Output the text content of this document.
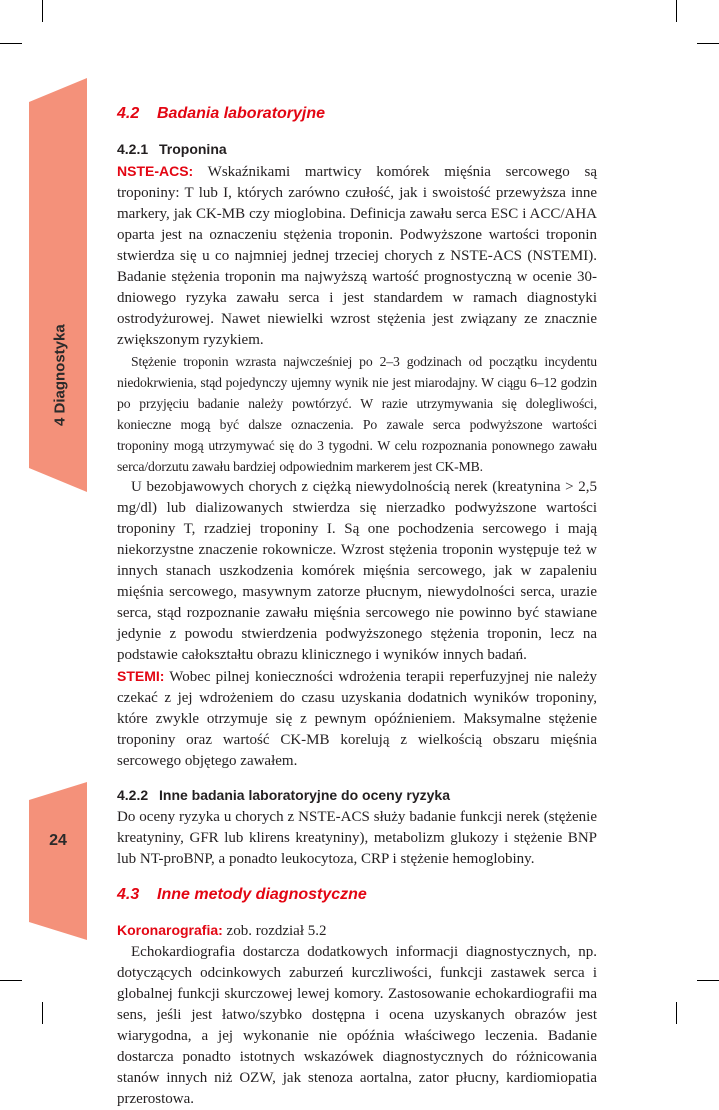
4 Diagnostyka
24
4.2 Badania laboratoryjne
4.2.1 Troponina

NSTE-ACS: Wskaźnikami martwicy komórek mięśnia sercowego są troponiny: T lub I, których zarówno czułość, jak i swoistość przewyższa inne markery, jak CK-MB czy mioglobina. Definicja zawału serca ESC i ACC/AHA oparta jest na oznaczeniu stężenia troponin. Podwyższone wartości troponin stwierdza się u co najmniej jednej trzeciej chorych z NSTE-ACS (NSTEMI). Badanie stężenia troponin ma najwyższą wartość prognostyczną w ocenie 30-dniowego ryzyka zawału serca i jest standardem w ramach diagnostyki ostrodyżurowej. Nawet niewielki wzrost stężenia jest związany ze znacznie zwiększonym ryzykiem.

Stężenie troponin wzrasta najwcześniej po 2–3 godzinach od początku incydentu niedokrwienia, stąd pojedynczy ujemny wynik nie jest miarodajny. W ciągu 6–12 godzin po przyjęciu badanie należy powtórzyć. W razie utrzymywania się dolegliwości, konieczne mogą być dalsze oznaczenia. Po zawale serca podwyższone wartości troponiny mogą utrzymywać się do 3 tygodni. W celu rozpoznania ponownego zawału serca/dorzutu zawału bardziej odpowiednim markerem jest CK-MB.

U bezobjawowych chorych z ciężką niewydolnością nerek (kreatynina > 2,5 mg/dl) lub dializowanych stwierdza się nierzadko podwyższone wartości troponiny T, rzadziej troponiny I. Są one pochodzenia sercowego i mają niekorzystne znaczenie rokownicze. Wzrost stężenia troponin występuje też w innych stanach uszkodzenia komórek mięśnia sercowego, jak w zapaleniu mięśnia sercowego, masywnym zatorze płucnym, niewydolności serca, urazie serca, stąd rozpoznanie zawału mięśnia sercowego nie powinno być stawiane jedynie z powodu stwierdzenia podwyższonego stężenia troponin, lecz na podstawie całokształtu obrazu klinicznego i wyników innych badań.

STEMI: Wobec pilnej konieczności wdrożenia terapii reperfuzyjnej nie należy czekać z jej wdrożeniem do czasu uzyskania dodatnich wyników troponiny, które zwykle otrzymuje się z pewnym opóźnieniem. Maksymalne stężenie troponiny oraz wartość CK-MB korelują z wielkością obszaru mięśnia sercowego objętego zawałem.

4.2.2 Inne badania laboratoryjne do oceny ryzyka

Do oceny ryzyka u chorych z NSTE-ACS służy badanie funkcji nerek (stężenie kreatyniny, GFR lub klirens kreatyniny), metabolizm glukozy i stężenie BNP lub NT-proBNP, a ponadto leukocytoza, CRP i stężenie hemoglobiny.

4.3 Inne metody diagnostyczne

Koronarografia: zob. rozdział 5.2

Echokardiografia dostarcza dodatkowych informacji diagnostycznych, np. dotyczących odcinkowych zaburzeń kurczliwości, funkcji zastawek serca i globalnej funkcji skurczowej lewej komory. Zastosowanie echokardiografii ma sens, jeśli jest łatwo/szybko dostępna i ocena uzyskanych obrazów jest wiarygodna, a jej wykonanie nie opóźnia właściwego leczenia. Badanie dostarcza ponadto istotnych wskazówek diagnostycznych do różnicowania stanów innych niż OZW, jak stenoza aortalna, zator płucny, kardiomiopatia przerostowa.
